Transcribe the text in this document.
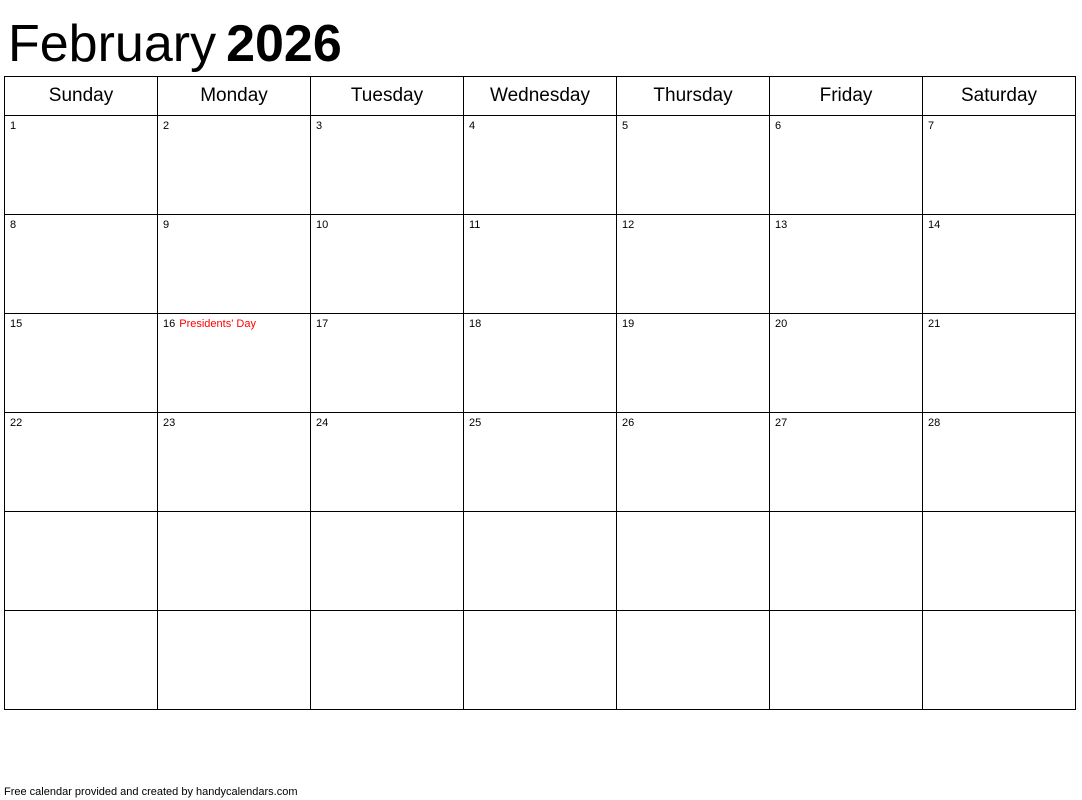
February 2026
Sunday	Monday	Tuesday	Wednesday	Thursday	Friday	Saturday
1	2	3	4	5	6	7
8	9	10	11	12	13	14
15	16 Presidents' Day	17	18	19	20	21
22	23	24	25	26	27	28

Free calendar provided and created by handycalendars.com
